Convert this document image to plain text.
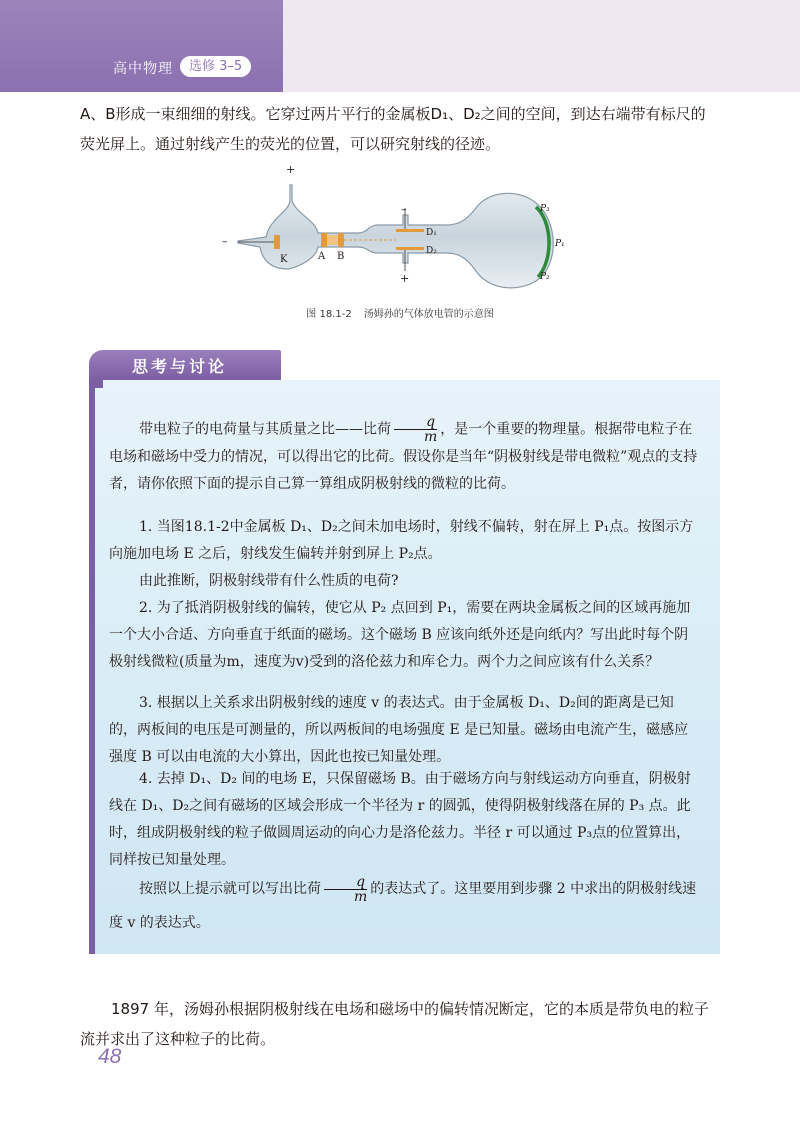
高中物理	选修 3–5

A、B形成一束细细的射线。它穿过两片平行的金属板D₁、D₂之间的空间，到达右端带有标尺的荧光屏上。通过射线产生的荧光的位置，可以研究射线的径迹。

+
–
–
+
K	A B
D₁
D₂
P₃
P₁
P₂
图 18.1-2 汤姆孙的气体放电管的示意图
思考与讨论

带电粒子的电荷量与其质量之比——比荷 $\frac{q}{m}$ ，是一个重要的物理量。根据带电粒子在电场和磁场中受力的情况，可以得出它的比荷。假设你是当年“阴极射线是带电微粒”观点的支持者，请你依照下面的提示自己算一算组成阴极射线的微粒的比荷。

1. 当图18.1-2中金属板 D₁、D₂之间未加电场时，射线不偏转，射在屏上 P₁点。按图示方向施加电场 E 之后，射线发生偏转并射到屏上 P₂点。

由此推断，阴极射线带有什么性质的电荷?

2. 为了抵消阴极射线的偏转，使它从 P₂ 点回到 P₁，需要在两块金属板之间的区域再施加一个大小合适、方向垂直于纸面的磁场。这个磁场 B 应该向纸外还是向纸内？写出此时每个阴极射线微粒(质量为m，速度为v)受到的洛伦兹力和库仑力。两个力之间应该有什么关系？

3. 根据以上关系求出阴极射线的速度 v 的表达式。由于金属板 D₁、D₂间的距离是已知的，两板间的电压是可测量的，所以两板间的电场强度 E 是已知量。磁场由电流产生，磁感应强度 B 可以由电流的大小算出，因此也按已知量处理。

4. 去掉 D₁、D₂ 间的电场 E，只保留磁场 B。由于磁场方向与射线运动方向垂直，阴极射线在 D₁、D₂之间有磁场的区域会形成一个半径为 r 的圆弧，使得阴极射线落在屏的 P₃ 点。此时，组成阴极射线的粒子做圆周运动的向心力是洛伦兹力。半径 r 可以通过 P₃点的位置算出，同样按已知量处理。

按照以上提示就可以写出比荷 $\frac{q}{m}$ 的表达式了。这里要用到步骤 2 中求出的阴极射线速度 v 的表达式。

1897 年，汤姆孙根据阴极射线在电场和磁场中的偏转情况断定，它的本质是带负电的粒子流并求出了这种粒子的比荷。

48
